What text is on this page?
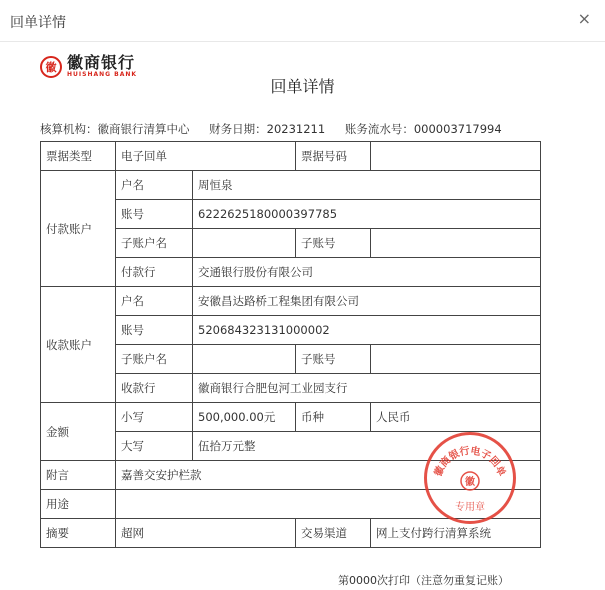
回单详情	×
徽 徽商银行
HUISHANG BANK
回单详情
核算机构：徽商银行清算中心 财务日期：20231211 账务流水号：000003717994
票据类型	电子回单		票据号码	
付款账户	户名	周恒泉		
	账号	6222625180000397785		
	子账户名		子账号	
	付款行	交通银行股份有限公司		
收款账户	户名	安徽昌达路桥工程集团有限公司		
	账号	520684323131000002		
	子账户名		子账号	
	收款行	徽商银行合肥包河工业园支行		
金额	小写	500,000.00元	币种	人民币
	大写	伍拾万元整		
附言	嘉善交安护栏款			
用途				
摘要	超网		交易渠道	网上支付跨行清算系统
徽商银行电子回单
徽
专用章
第0000次打印（注意勿重复记账）
